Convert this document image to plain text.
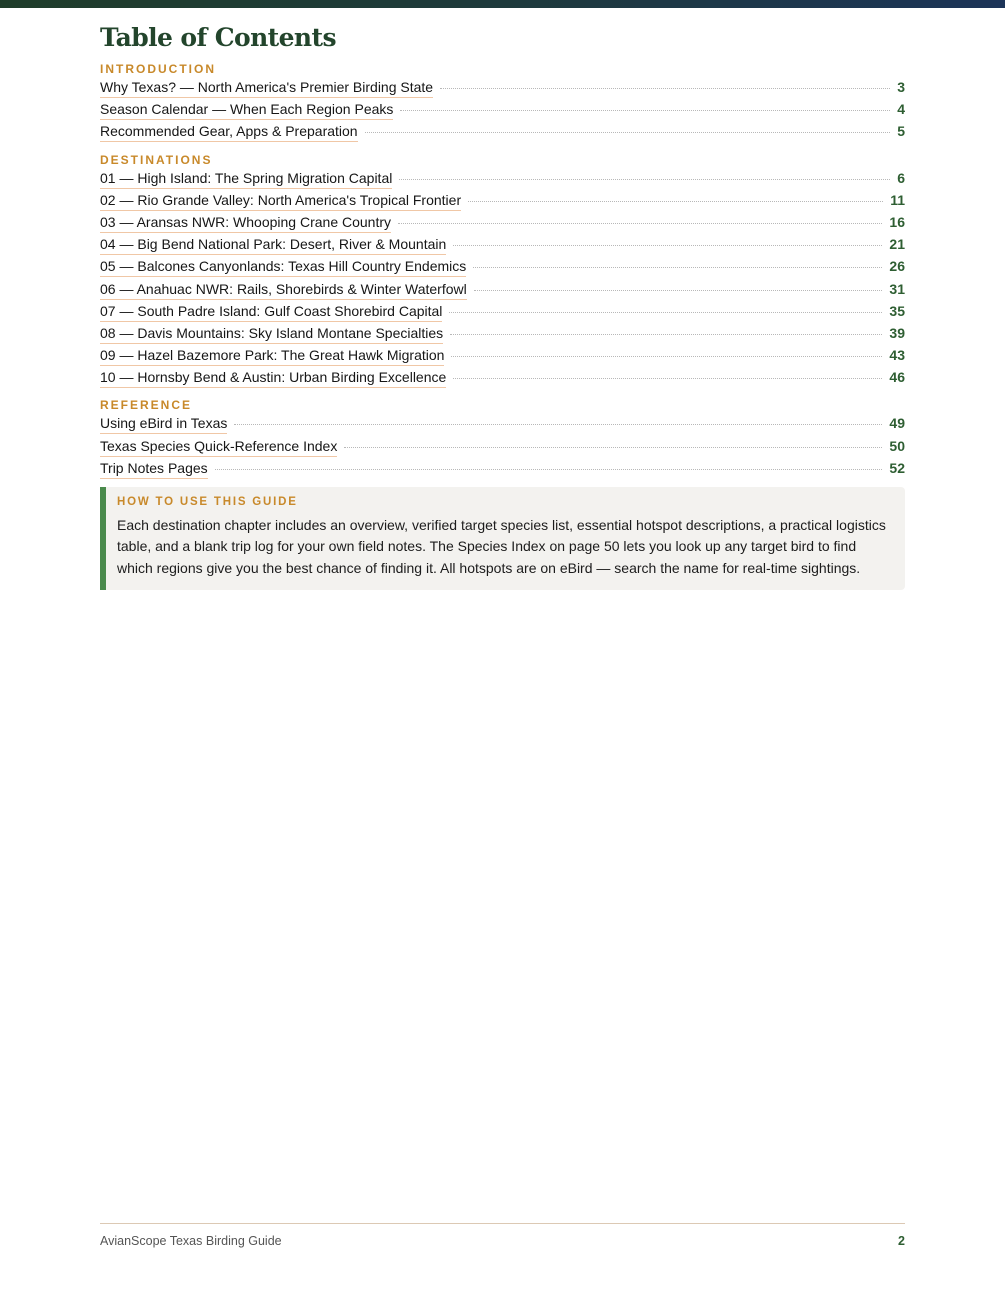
Table of Contents
INTRODUCTION
Why Texas? — North America's Premier Birding State	3
Season Calendar — When Each Region Peaks	4
Recommended Gear, Apps & Preparation	5
DESTINATIONS
01 — High Island: The Spring Migration Capital	6
02 — Rio Grande Valley: North America's Tropical Frontier	11
03 — Aransas NWR: Whooping Crane Country	16
04 — Big Bend National Park: Desert, River & Mountain	21
05 — Balcones Canyonlands: Texas Hill Country Endemics	26
06 — Anahuac NWR: Rails, Shorebirds & Winter Waterfowl	31
07 — South Padre Island: Gulf Coast Shorebird Capital	35
08 — Davis Mountains: Sky Island Montane Specialties	39
09 — Hazel Bazemore Park: The Great Hawk Migration	43
10 — Hornsby Bend & Austin: Urban Birding Excellence	46
REFERENCE
Using eBird in Texas	49
Texas Species Quick-Reference Index	50
Trip Notes Pages	52
HOW TO USE THIS GUIDE
Each destination chapter includes an overview, verified target species list, essential hotspot descriptions, a practical logistics table, and a blank trip log for your own field notes. The Species Index on page 50 lets you look up any target bird to find which regions give you the best chance of finding it. All hotspots are on eBird — search the name for real-time sightings.
AvianScope Texas Birding Guide	2
